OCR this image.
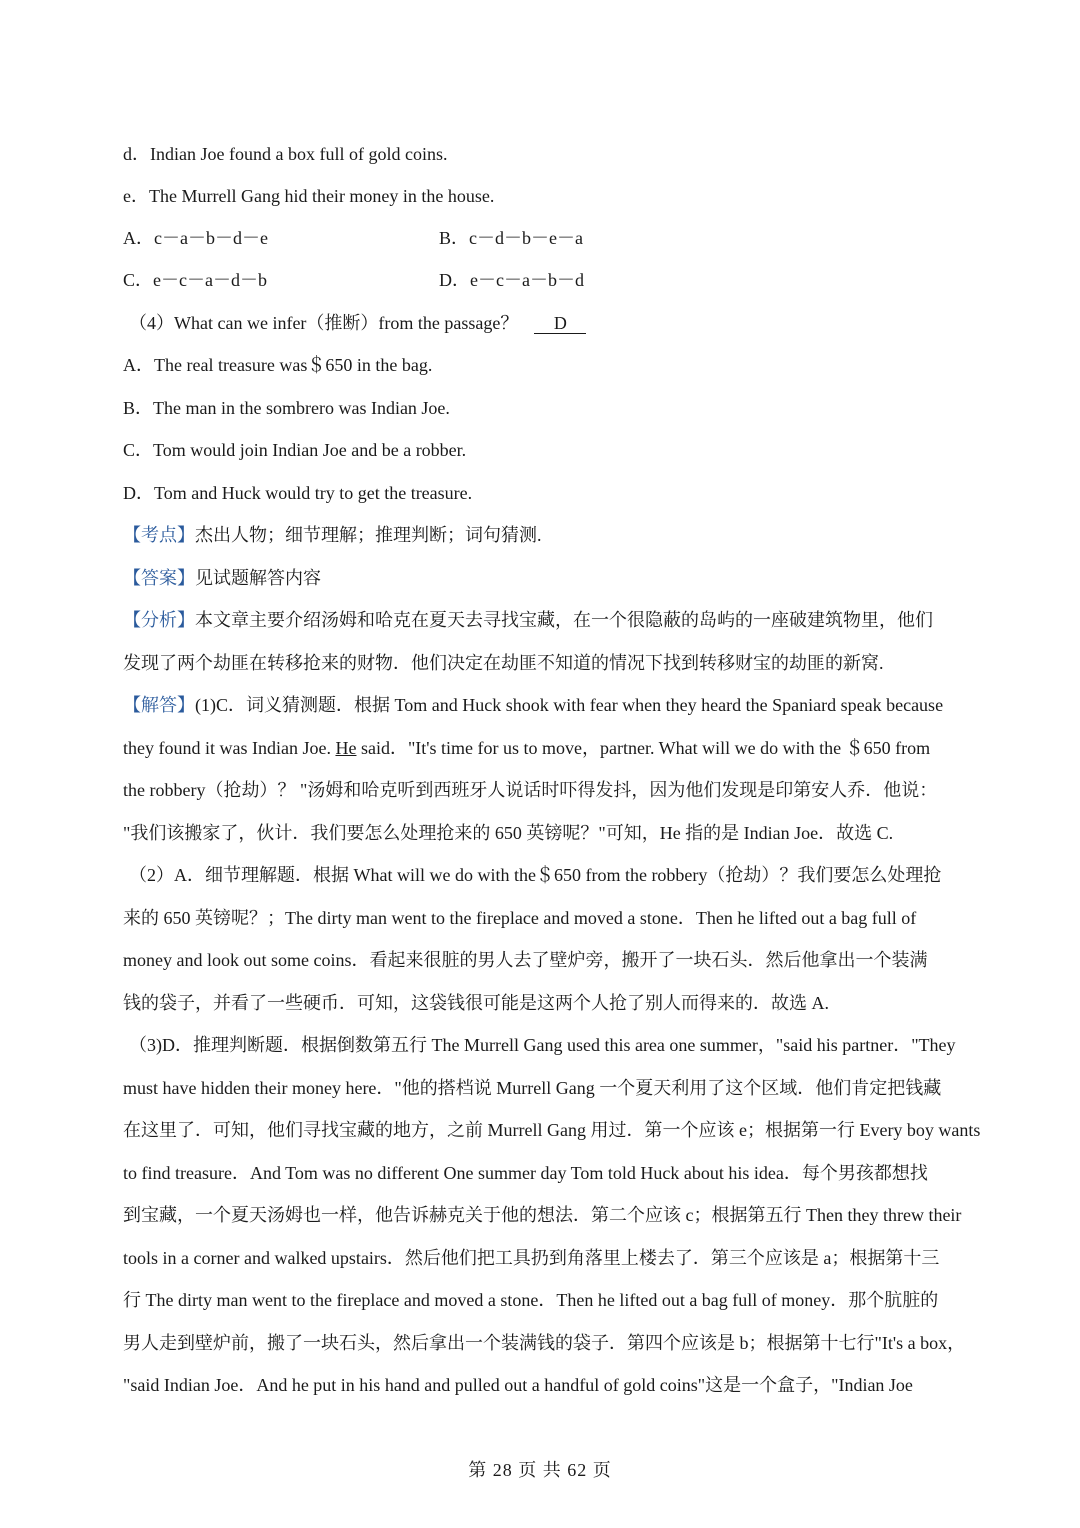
d．Indian Joe found a box full of gold coins.
e．The Murrell Gang hid their money in the house.
A．c－a－b－d－e	B．c－d－b－e－a
C．e－c－a－d－b	D．e－c－a－b－d
（4）What can we infer（推断）from the passage？ D
A．The real treasure was＄650 in the bag.
B．The man in the sombrero was Indian Joe.
C．Tom would join Indian Joe and be a robber.
D．Tom and Huck would try to get the treasure.
【考点】杰出人物；细节理解；推理判断；词句猜测.
【答案】见试题解答内容
【分析】本文章主要介绍汤姆和哈克在夏天去寻找宝藏，在一个很隐蔽的岛屿的一座破建筑物里，他们
发现了两个劫匪在转移抢来的财物．他们决定在劫匪不知道的情况下找到转移财宝的劫匪的新窝.
【解答】(1)C．词义猜测题．根据 Tom and Huck shook with fear when they heard the Spaniard speak because
they found it was Indian Joe. He said．"It's time for us to move，partner. What will we do with the ＄650 from
the robbery（抢劫）？ "汤姆和哈克听到西班牙人说话时吓得发抖，因为他们发现是印第安人乔．他说：
"我们该搬家了，伙计．我们要怎么处理抢来的 650 英镑呢？"可知，He 指的是 Indian Joe．故选 C.
（2）A．细节理解题．根据 What will we do with the＄650 from the robbery（抢劫）？我们要怎么处理抢
来的 650 英镑呢？；The dirty man went to the fireplace and moved a stone．Then he lifted out a bag full of
money and look out some coins．看起来很脏的男人去了壁炉旁，搬开了一块石头．然后他拿出一个装满
钱的袋子，并看了一些硬币．可知，这袋钱很可能是这两个人抢了别人而得来的．故选 A.
（3)D．推理判断题．根据倒数第五行 The Murrell Gang used this area one summer，"said his partner．"They
must have hidden their money here．"他的搭档说 Murrell Gang 一个夏天利用了这个区域．他们肯定把钱藏
在这里了．可知，他们寻找宝藏的地方，之前 Murrell Gang 用过．第一个应该 e；根据第一行 Every boy wants
to find treasure．And Tom was no different One summer day Tom told Huck about his idea．每个男孩都想找
到宝藏，一个夏天汤姆也一样，他告诉赫克关于他的想法．第二个应该 c；根据第五行 Then they threw their
tools in a corner and walked upstairs．然后他们把工具扔到角落里上楼去了．第三个应该是 a；根据第十三
行 The dirty man went to the fireplace and moved a stone．Then he lifted out a bag full of money．那个肮脏的
男人走到壁炉前，搬了一块石头，然后拿出一个装满钱的袋子．第四个应该是 b；根据第十七行"It's a box，
"said Indian Joe．And he put in his hand and pulled out a handful of gold coins"这是一个盒子，"Indian Joe
第 28 页 共 62 页
